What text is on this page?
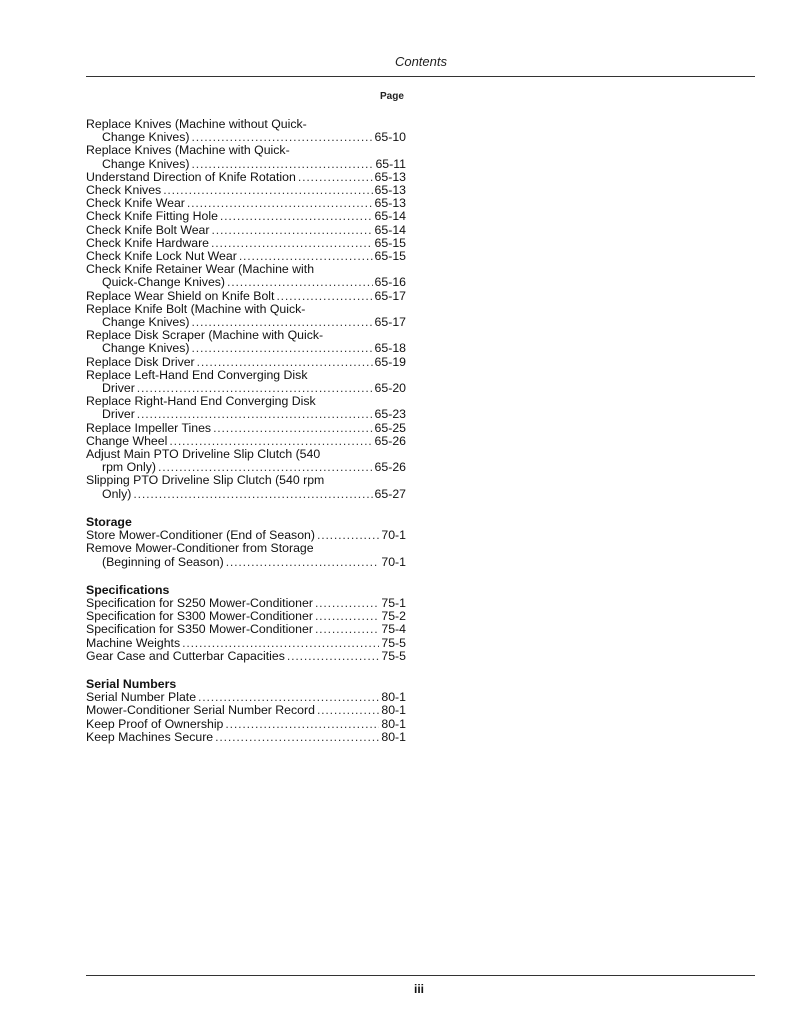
Contents
Page
Replace Knives (Machine without Quick-
Change Knives) . . .	65-10
Replace Knives (Machine with Quick-
Change Knives) . . .	65-11
Understand Direction of Knife Rotation . . .	65-13
Check Knives . . .	65-13
Check Knife Wear . . .	65-13
Check Knife Fitting Hole . . .	65-14
Check Knife Bolt Wear . . .	65-14
Check Knife Hardware . . .	65-15
Check Knife Lock Nut Wear . . .	65-15
Check Knife Retainer Wear (Machine with
Quick-Change Knives) . . .	65-16
Replace Wear Shield on Knife Bolt . . .	65-17
Replace Knife Bolt (Machine with Quick-
Change Knives) . . .	65-17
Replace Disk Scraper (Machine with Quick-
Change Knives) . . .	65-18
Replace Disk Driver . . .	65-19
Replace Left-Hand End Converging Disk
Driver . . .	65-20
Replace Right-Hand End Converging Disk
Driver . . .	65-23
Replace Impeller Tines . . .	65-25
Change Wheel . . .	65-26
Adjust Main PTO Driveline Slip Clutch (540
rpm Only) . . .	65-26
Slipping PTO Driveline Slip Clutch (540 rpm
Only) . . .	65-27
Storage
Store Mower-Conditioner (End of Season) . . .	70-1
Remove Mower-Conditioner from Storage
(Beginning of Season) . . .	70-1
Specifications
Specification for S250 Mower-Conditioner . . .	75-1
Specification for S300 Mower-Conditioner . . .	75-2
Specification for S350 Mower-Conditioner . . .	75-4
Machine Weights . . .	75-5
Gear Case and Cutterbar Capacities . . .	75-5
Serial Numbers
Serial Number Plate . . .	80-1
Mower-Conditioner Serial Number Record . . .	80-1
Keep Proof of Ownership . . .	80-1
Keep Machines Secure . . .	80-1
iii
